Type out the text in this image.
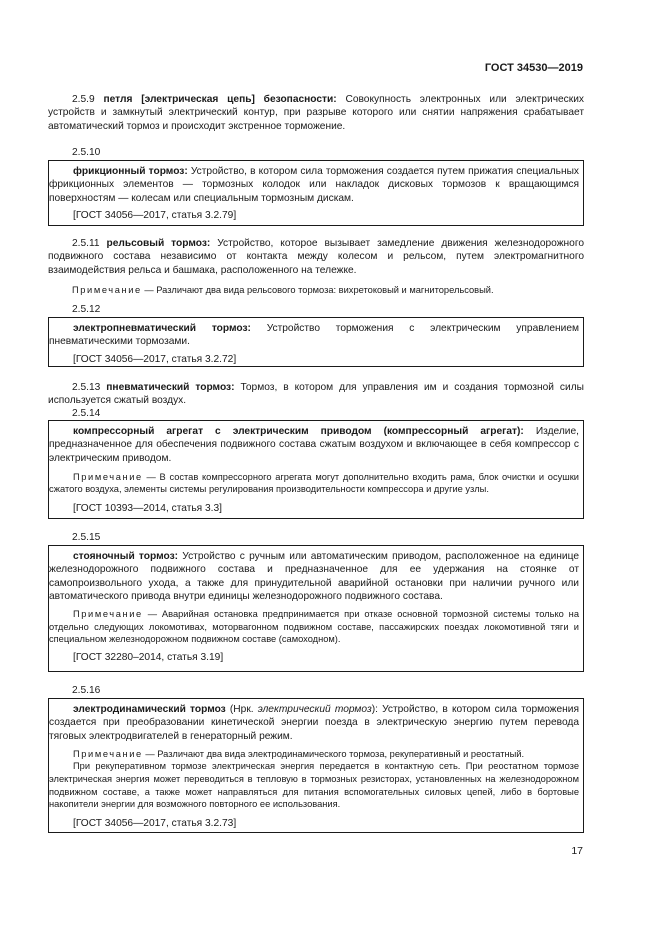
ГОСТ 34530—2019
2.5.9 петля [электрическая цепь] безопасности: Совокупность электронных или электрических устройств и замкнутый электрический контур, при разрыве которого или снятии напряжения срабатывает автоматический тормоз и происходит экстренное торможение.
2.5.10
фрикционный тормоз: Устройство, в котором сила торможения создается путем прижатия специальных фрикционных элементов — тормозных колодок или накладок дисковых тормозов к вращающимся поверхностям — колесам или специальным тормозным дискам.
[ГОСТ 34056—2017, статья 3.2.79]
2.5.11 рельсовый тормоз: Устройство, которое вызывает замедление движения железнодорожного подвижного состава независимо от контакта между колесом и рельсом, путем электромагнитного взаимодействия рельса и башмака, расположенного на тележке.
Примечание — Различают два вида рельсового тормоза: вихретоковый и магниторельсовый.
2.5.12
электропневматический тормоз: Устройство торможения с электрическим управлением пневматическими тормозами.
[ГОСТ 34056—2017, статья 3.2.72]
2.5.13 пневматический тормоз: Тормоз, в котором для управления им и создания тормозной силы используется сжатый воздух.
2.5.14
компрессорный агрегат с электрическим приводом (компрессорный агрегат): Изделие, предназначенное для обеспечения подвижного состава сжатым воздухом и включающее в себя компрессор с электрическим приводом.
Примечание — В состав компрессорного агрегата могут дополнительно входить рама, блок очистки и осушки сжатого воздуха, элементы системы регулирования производительности компрессора и другие узлы.
[ГОСТ 10393—2014, статья 3.3]
2.5.15
стояночный тормоз: Устройство с ручным или автоматическим приводом, расположенное на единице железнодорожного подвижного состава и предназначенное для ее удержания на стоянке от самопроизвольного ухода, а также для принудительной аварийной остановки при наличии ручного или автоматического привода внутри единицы железнодорожного подвижного состава.
Примечание — Аварийная остановка предпринимается при отказе основной тормозной системы только на отдельно следующих локомотивах, моторвагонном подвижном составе, пассажирских поездах локомотивной тяги и специальном железнодорожном подвижном составе (самоходном).
[ГОСТ 32280–2014, статья 3.19]
2.5.16
электродинамический тормоз (Нрк. электрический тормоз): Устройство, в котором сила торможения создается при преобразовании кинетической энергии поезда в электрическую энергию путем перевода тяговых электродвигателей в генераторный режим.
Примечание — Различают два вида электродинамического тормоза, рекуперативный и реостатный.
При рекуперативном тормозе электрическая энергия передается в контактную сеть. При реостатном тормозе электрическая энергия может переводиться в тепловую в тормозных резисторах, установленных на железнодорожном подвижном составе, а также может направляться для питания вспомогательных силовых цепей, либо в бортовые накопители энергии для возможного повторного ее использования.
[ГОСТ 34056—2017, статья 3.2.73]
17
